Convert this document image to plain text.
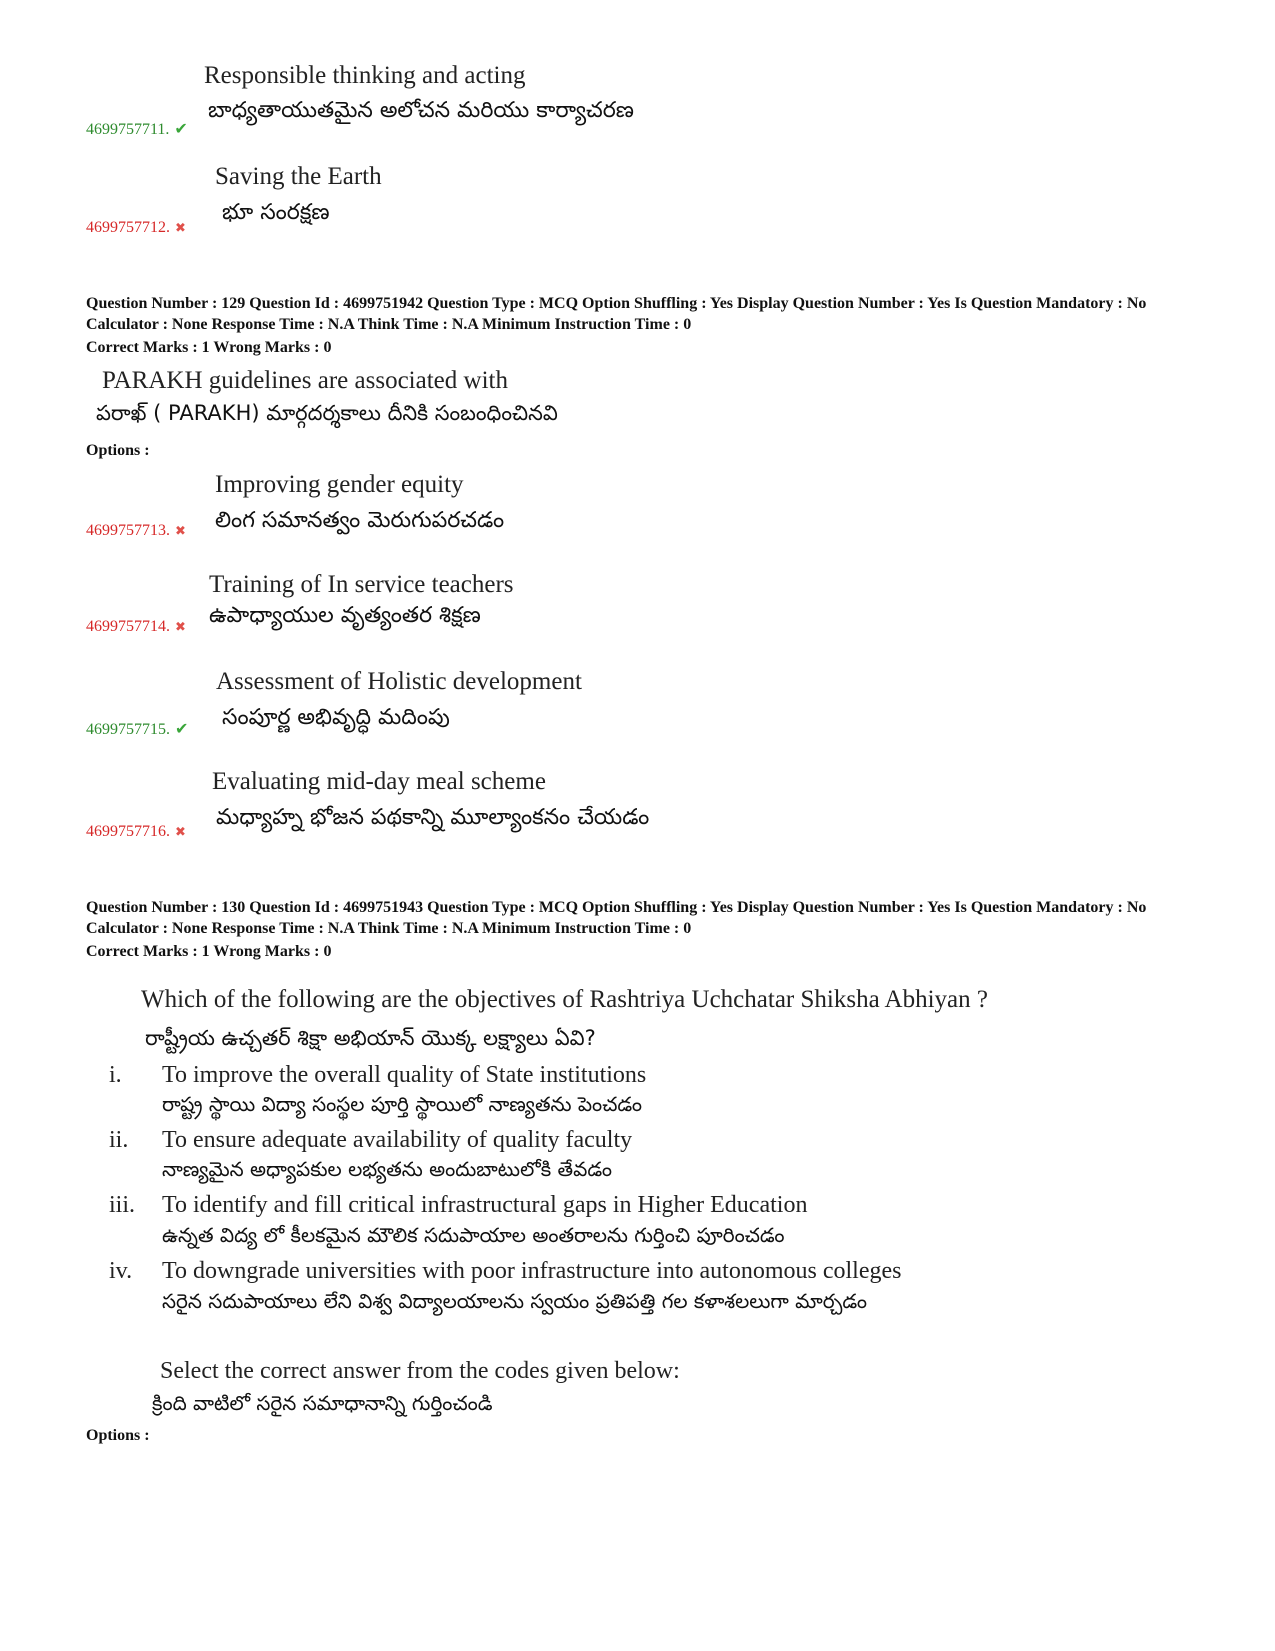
Responsible thinking and acting
బాధ్యతాయుతమైన అలోచన మరియు కార్యాచరణ
4699757711. ✔
Saving the Earth
భూ సంరక్షణ
4699757712. ✖
Question Number : 129 Question Id : 4699751942 Question Type : MCQ Option Shuffling : Yes Display Question Number : Yes Is Question Mandatory : No Calculator : None Response Time : N.A Think Time : N.A Minimum Instruction Time : 0
Correct Marks : 1 Wrong Marks : 0
PARAKH guidelines are associated with
పరాఖ్ ( PARAKH) మార్గదర్శకాలు దీనికి సంబంధించినవి
Options :
Improving gender equity
లింగ సమానత్వం మెరుగుపరచడం
4699757713. ✖
Training of In service teachers
ఉపాధ్యాయుల వృత్యంతర శిక్షణ
4699757714. ✖
Assessment of Holistic development
సంపూర్ణ అభివృద్ధి మదింపు
4699757715. ✔
Evaluating mid-day meal scheme
మధ్యాహ్న భోజన పథకాన్ని మూల్యాంకనం చేయడం
4699757716. ✖
Question Number : 130 Question Id : 4699751943 Question Type : MCQ Option Shuffling : Yes Display Question Number : Yes Is Question Mandatory : No Calculator : None Response Time : N.A Think Time : N.A Minimum Instruction Time : 0
Correct Marks : 1 Wrong Marks : 0
Which of the following are the objectives of Rashtriya Uchchatar Shiksha Abhiyan ?
రాష్ట్రీయ ఉచ్చతర్ శిక్షా అభియాన్ యొక్క లక్ష్యాలు ఏవి?
i. To improve the overall quality of State institutions
రాష్ట్ర స్థాయి విద్యా సంస్థల పూర్తి స్థాయిలో నాణ్యతను పెంచడం
ii. To ensure adequate availability of quality faculty
నాణ్యమైన అధ్యాపకుల లభ్యతను అందుబాటులోకి తేవడం
iii. To identify and fill critical infrastructural gaps in Higher Education
ఉన్నత విద్య లో కీలకమైన మౌలిక సదుపాయాల అంతరాలను గుర్తించి పూరించడం
iv. To downgrade universities with poor infrastructure into autonomous colleges
సరైన సదుపాయాలు లేని విశ్వ విద్యాలయాలను స్వయం ప్రతిపత్తి గల కళాశలలుగా మార్చడం
Select the correct answer from the codes given below:
క్రింది వాటిలో సరైన సమాధానాన్ని గుర్తించండి
Options :
